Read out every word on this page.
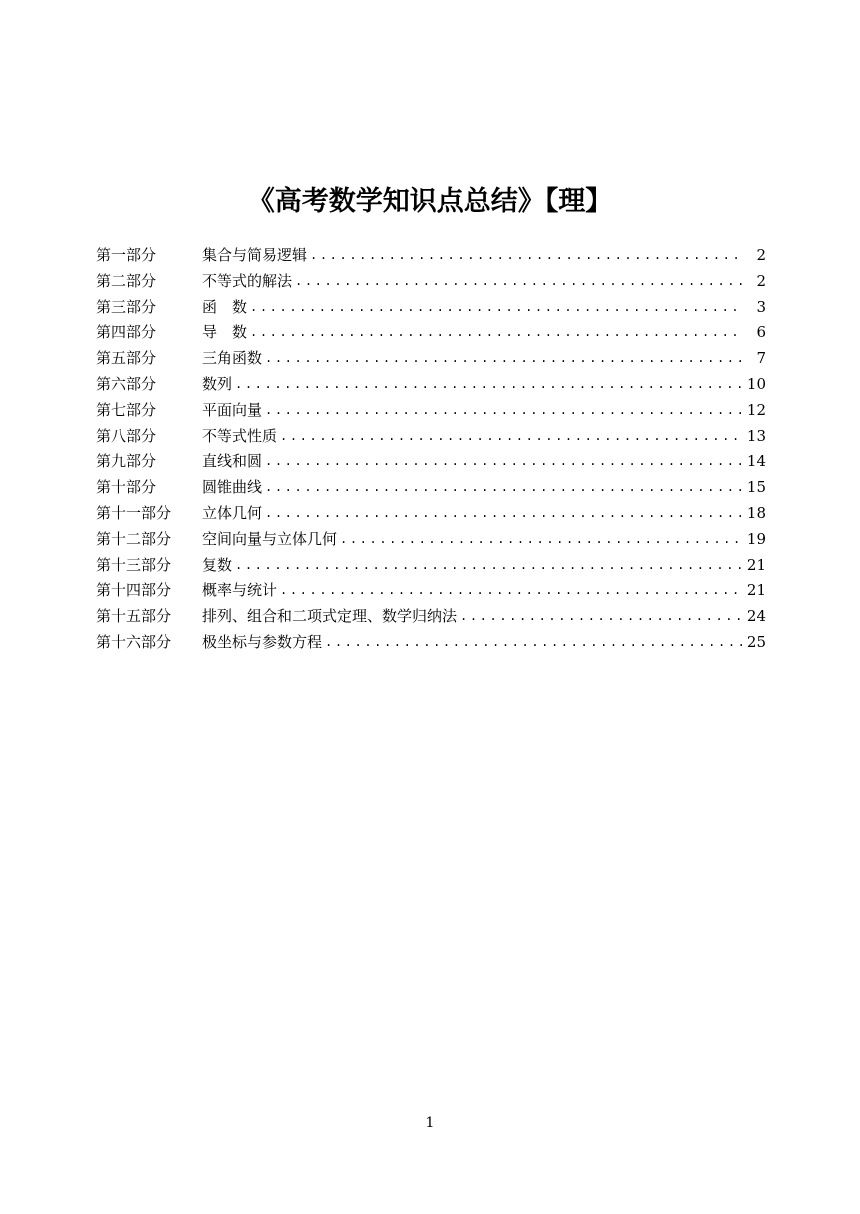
《高考数学知识点总结》【理】
第一部分	集合与简易逻辑 .....	2
第二部分	不等式的解法 .....	2
第三部分	函　数 .....	3
第四部分	导　数 .....	6
第五部分	三角函数 .....	7
第六部分	数列 .....	10
第七部分	平面向量 .....	12
第八部分	不等式性质 .....	13
第九部分	直线和圆 .....	14
第十部分	圆锥曲线 .....	15
第十一部分	立体几何 .....	18
第十二部分	空间向量与立体几何 .....	19
第十三部分	复数 .....	21
第十四部分	概率与统计 .....	21
第十五部分	排列、组合和二项式定理、数学归纳法 .....	24
第十六部分	极坐标与参数方程 .....	25
1
